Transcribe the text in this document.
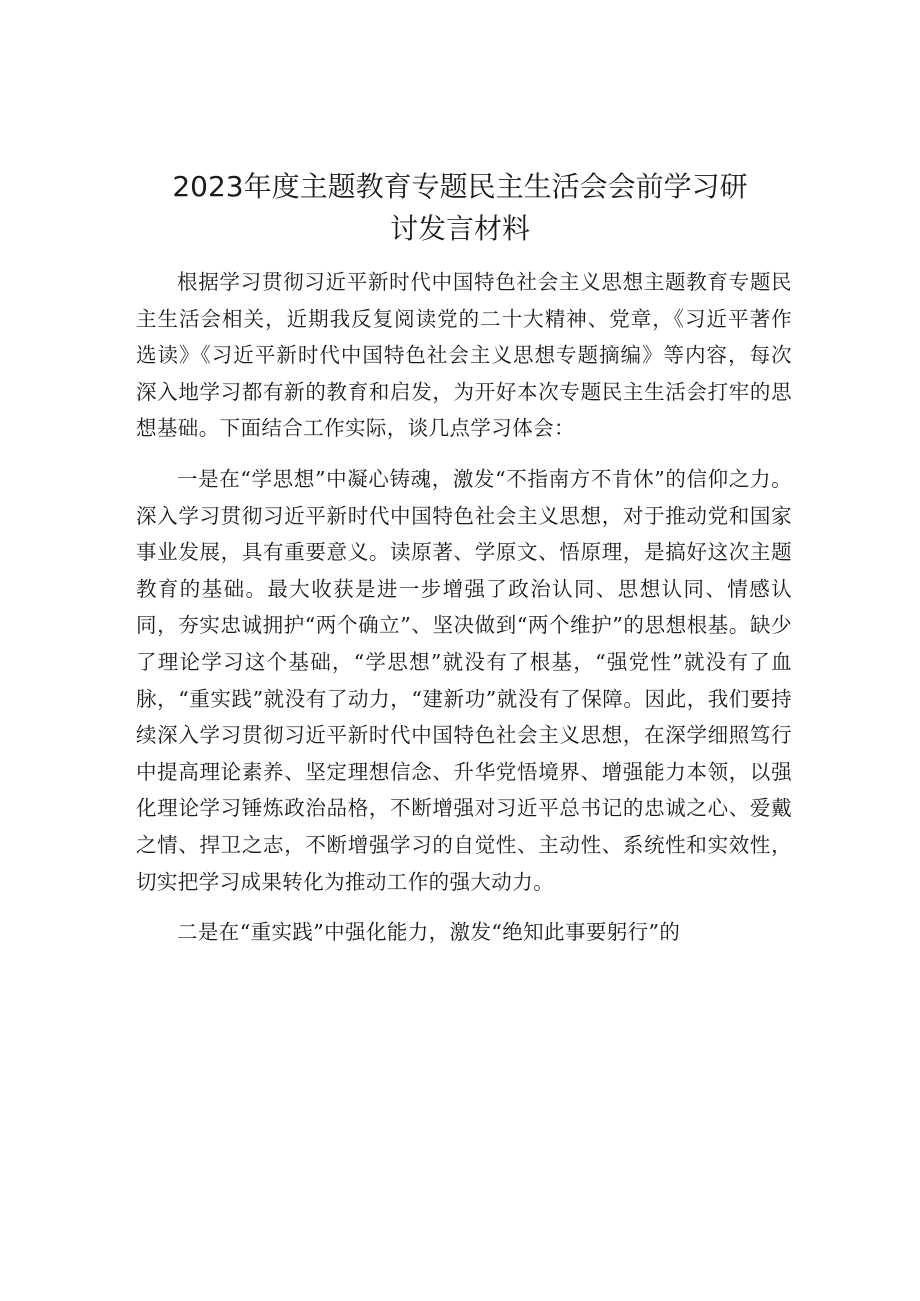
2023年度主题教育专题民主生活会会前学习研
讨发言材料

根据学习贯彻习近平新时代中国特色社会主义思想主题教育专题民主生活会相关，近期我反复阅读党的二十大精神、党章，《习近平著作选读》《习近平新时代中国特色社会主义思想专题摘编》等内容，每次深入地学习都有新的教育和启发，为开好本次专题民主生活会打牢的思想基础。下面结合工作实际，谈几点学习体会：

一是在“学思想”中凝心铸魂，激发“不指南方不肯休”的信仰之力。深入学习贯彻习近平新时代中国特色社会主义思想，对于推动党和国家事业发展，具有重要意义。读原著、学原文、悟原理，是搞好这次主题教育的基础。最大收获是进一步增强了政治认同、思想认同、情感认同，夯实忠诚拥护“两个确立”、坚决做到“两个维护”的思想根基。缺少了理论学习这个基础，“学思想”就没有了根基，“强党性”就没有了血脉，“重实践”就没有了动力，“建新功”就没有了保障。因此，我们要持续深入学习贯彻习近平新时代中国特色社会主义思想，在深学细照笃行中提高理论素养、坚定理想信念、升华党悟境界、增强能力本领，以强化理论学习锤炼政治品格，不断增强对习近平总书记的忠诚之心、爱戴之情、捍卫之志，不断增强学习的自觉性、主动性、系统性和实效性，切实把学习成果转化为推动工作的强大动力。

二是在“重实践”中强化能力，激发“绝知此事要躬行”的
